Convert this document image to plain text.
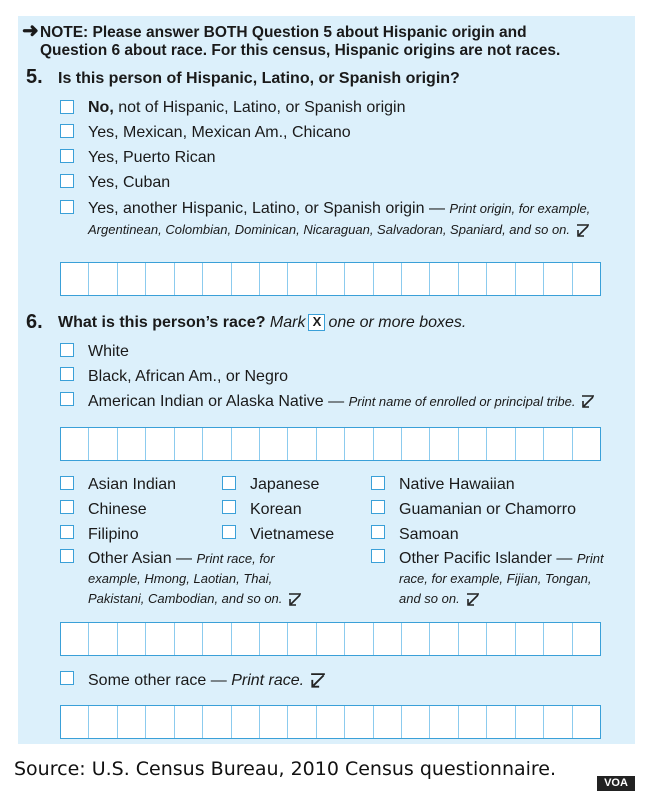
➜ NOTE: Please answer BOTH Question 5 about Hispanic origin and
Question 6 about race. For this census, Hispanic origins are not races.
5. Is this person of Hispanic, Latino, or Spanish origin?
No, not of Hispanic, Latino, or Spanish origin
Yes, Mexican, Mexican Am., Chicano
Yes, Puerto Rican
Yes, Cuban
Yes, another Hispanic, Latino, or Spanish origin — Print origin, for example,
Argentinean, Colombian, Dominican, Nicaraguan, Salvadoran, Spaniard, and so on.
6. What is this person’s race? Mark X one or more boxes.
White
Black, African Am., or Negro
American Indian or Alaska Native — Print name of enrolled or principal tribe.
Asian Indian
Chinese
Filipino
Japanese
Korean
Vietnamese
Native Hawaiian
Guamanian or Chamorro
Samoan
Other Asian — Print race, for
example, Hmong, Laotian, Thai,
Pakistani, Cambodian, and so on.
Other Pacific Islander — Print
race, for example, Fijian, Tongan,
and so on.
Some other race — Print race.
Source: U.S. Census Bureau, 2010 Census questionnaire.
VOA
